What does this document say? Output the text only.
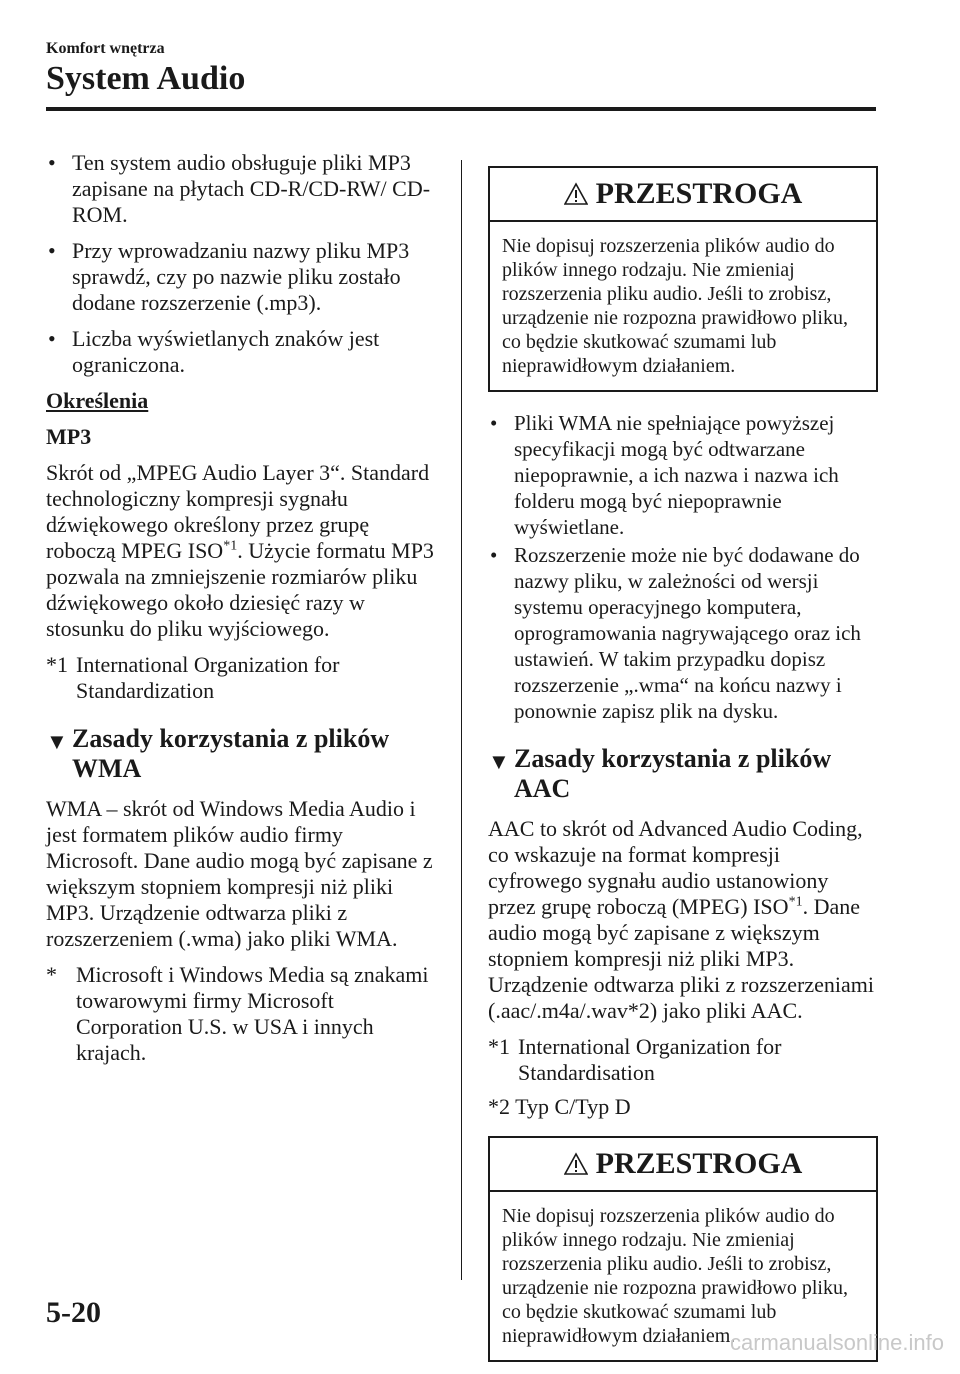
Komfort wnętrza
System Audio
• Ten system audio obsługuje pliki MP3 zapisane na płytach CD-R/CD-RW/ CD-ROM.
• Przy wprowadzaniu nazwy pliku MP3 sprawdź, czy po nazwie pliku zostało dodane rozszerzenie (.mp3).
• Liczba wyświetlanych znaków jest ograniczona.

Określenia

MP3

Skrót od „MPEG Audio Layer 3“. Standard technologiczny kompresji sygnału dźwiękowego określony przez grupę roboczą MPEG ISO$^{*1}$. Użycie formatu MP3 pozwala na zmniejszenie rozmiarów pliku dźwiękowego około dziesięć razy w stosunku do pliku wyjściowego.

*1 International Organization for Standardization
▼ Zasady korzystania z plików WMA

WMA – skrót od Windows Media Audio i jest formatem plików audio firmy Microsoft. Dane audio mogą być zapisane z większym stopniem kompresji niż pliki MP3. Urządzenie odtwarza pliki z rozszerzeniem (.wma) jako pliki WMA.

* Microsoft i Windows Media są znakami towarowymi firmy Microsoft Corporation U.S. w USA i innych krajach.
PRZESTROGA
Nie dopisuj rozszerzenia plików audio do plików innego rodzaju. Nie zmieniaj rozszerzenia pliku audio. Jeśli to zrobisz, urządzenie nie rozpozna prawidłowo pliku, co będzie skutkować szumami lub nieprawidłowym działaniem.
• Pliki WMA nie spełniające powyższej specyfikacji mogą być odtwarzane niepoprawnie, a ich nazwa i nazwa ich folderu mogą być niepoprawnie wyświetlane.
• Rozszerzenie może nie być dodawane do nazwy pliku, w zależności od wersji systemu operacyjnego komputera, oprogramowania nagrywającego oraz ich ustawień. W takim przypadku dopisz rozszerzenie „.wma“ na końcu nazwy i ponownie zapisz plik na dysku.
▼ Zasady korzystania z plików AAC

AAC to skrót od Advanced Audio Coding, co wskazuje na format kompresji cyfrowego sygnału audio ustanowiony przez grupę roboczą (MPEG) ISO$^{*1}$. Dane audio mogą być zapisane z większym stopniem kompresji niż pliki MP3. Urządzenie odtwarza pliki z rozszerzeniami (.aac/.m4a/.wav*2) jako pliki AAC.

*1 International Organization for Standardisation

*2 Typ C/Typ D

PRZESTROGA
Nie dopisuj rozszerzenia plików audio do plików innego rodzaju. Nie zmieniaj rozszerzenia pliku audio. Jeśli to zrobisz, urządzenie nie rozpozna prawidłowo pliku, co będzie skutkować szumami lub nieprawidłowym działaniem.
5-20
carmanualsonline.info
